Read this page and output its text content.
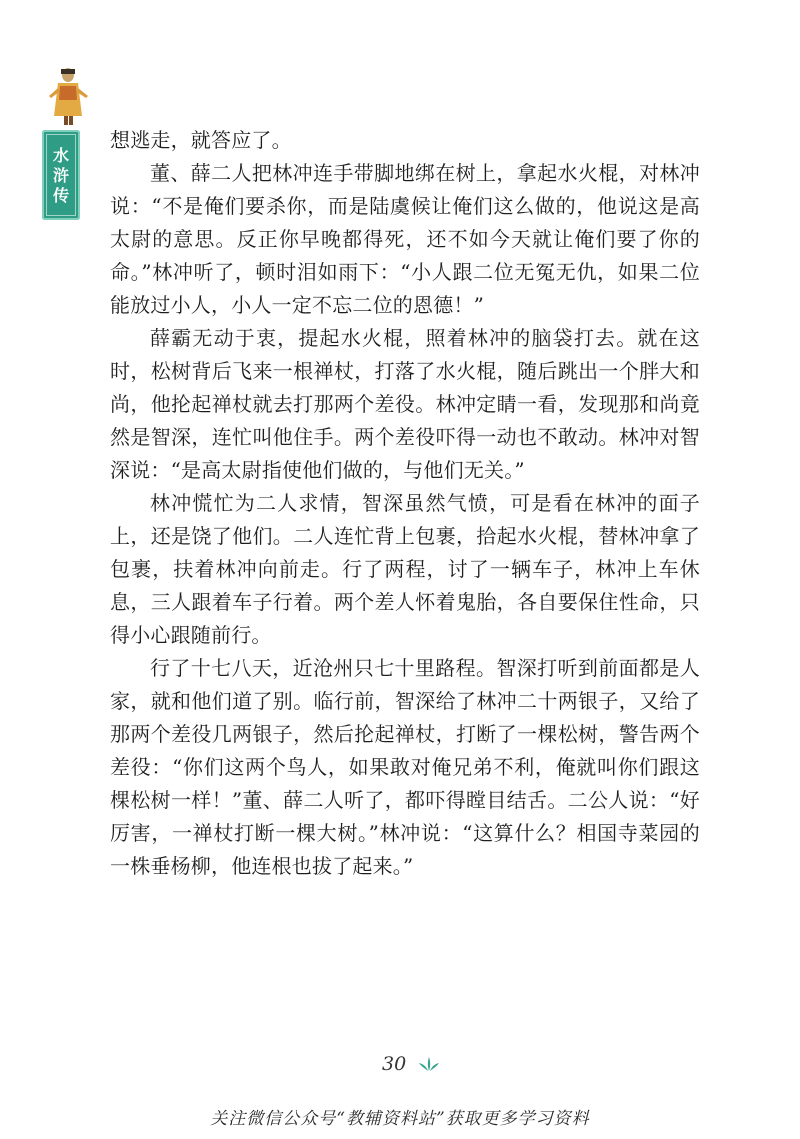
水
浒
传

想逃走，就答应了。

董、薛二人把林冲连手带脚地绑在树上，拿起水火棍，对林冲说：“不是俺们要杀你，而是陆虞候让俺们这么做的，他说这是高太尉的意思。反正你早晚都得死，还不如今天就让俺们要了你的命。”林冲听了，顿时泪如雨下：“小人跟二位无冤无仇，如果二位能放过小人，小人一定不忘二位的恩德！”

薛霸无动于衷，提起水火棍，照着林冲的脑袋打去。就在这时，松树背后飞来一根禅杖，打落了水火棍，随后跳出一个胖大和尚，他抡起禅杖就去打那两个差役。林冲定睛一看，发现那和尚竟然是智深，连忙叫他住手。两个差役吓得一动也不敢动。林冲对智深说：“是高太尉指使他们做的，与他们无关。”

林冲慌忙为二人求情，智深虽然气愤，可是看在林冲的面子上，还是饶了他们。二人连忙背上包裹，拾起水火棍，替林冲拿了包裹，扶着林冲向前走。行了两程，讨了一辆车子，林冲上车休息，三人跟着车子行着。两个差人怀着鬼胎，各自要保住性命，只得小心跟随前行。

行了十七八天，近沧州只七十里路程。智深打听到前面都是人家，就和他们道了别。临行前，智深给了林冲二十两银子，又给了那两个差役几两银子，然后抡起禅杖，打断了一棵松树，警告两个差役：“你们这两个鸟人，如果敢对俺兄弟不利，俺就叫你们跟这棵松树一样！”董、薛二人听了，都吓得瞠目结舌。二公人说：“好厉害，一禅杖打断一棵大树。”林冲说：“这算什么？相国寺菜园的一株垂杨柳，他连根也拔了起来。”

30
关注微信公众号“教辅资料站”获取更多学习资料
